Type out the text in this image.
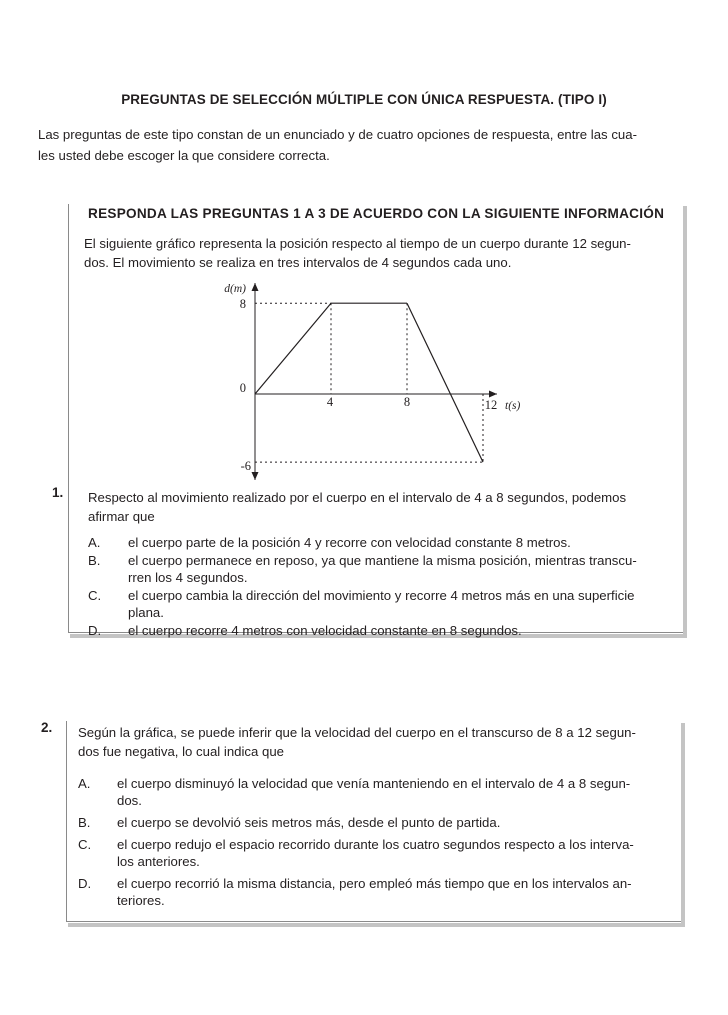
PREGUNTAS DE SELECCIÓN MÚLTIPLE CON ÚNICA RESPUESTA. (TIPO I)
Las preguntas de este tipo constan de un enunciado y de cuatro opciones de respuesta, entre las cua-
les usted debe escoger la que considere correcta.
RESPONDA LAS PREGUNTAS 1 A 3 DE ACUERDO CON LA SIGUIENTE INFORMACIÓN
El siguiente gráfico representa la posición respecto al tiempo de un cuerpo durante 12 segun-
dos. El movimiento se realiza en tres intervalos de 4 segundos cada uno.
d(m)
8
0
-6
4	8	12 t(s)
1. Respecto al movimiento realizado por el cuerpo en el intervalo de 4 a 8 segundos, podemos
afirmar que
A.	el cuerpo parte de la posición 4 y recorre con velocidad constante 8 metros.
B.	el cuerpo permanece en reposo, ya que mantiene la misma posición, mientras transcu-
rren los 4 segundos.
C.	el cuerpo cambia la dirección del movimiento y recorre 4 metros más en una superficie
plana.
D.	el cuerpo recorre 4 metros con velocidad constante en 8 segundos.
2. Según la gráfica, se puede inferir que la velocidad del cuerpo en el transcurso de 8 a 12 segun-
dos fue negativa, lo cual indica que
A.	el cuerpo disminuyó la velocidad que venía manteniendo en el intervalo de 4 a 8 segun-
dos.
B.	el cuerpo se devolvió seis metros más, desde el punto de partida.
C.	el cuerpo redujo el espacio recorrido durante los cuatro segundos respecto a los interva-
los anteriores.
D.	el cuerpo recorrió la misma distancia, pero empleó más tiempo que en los intervalos an-
teriores.
